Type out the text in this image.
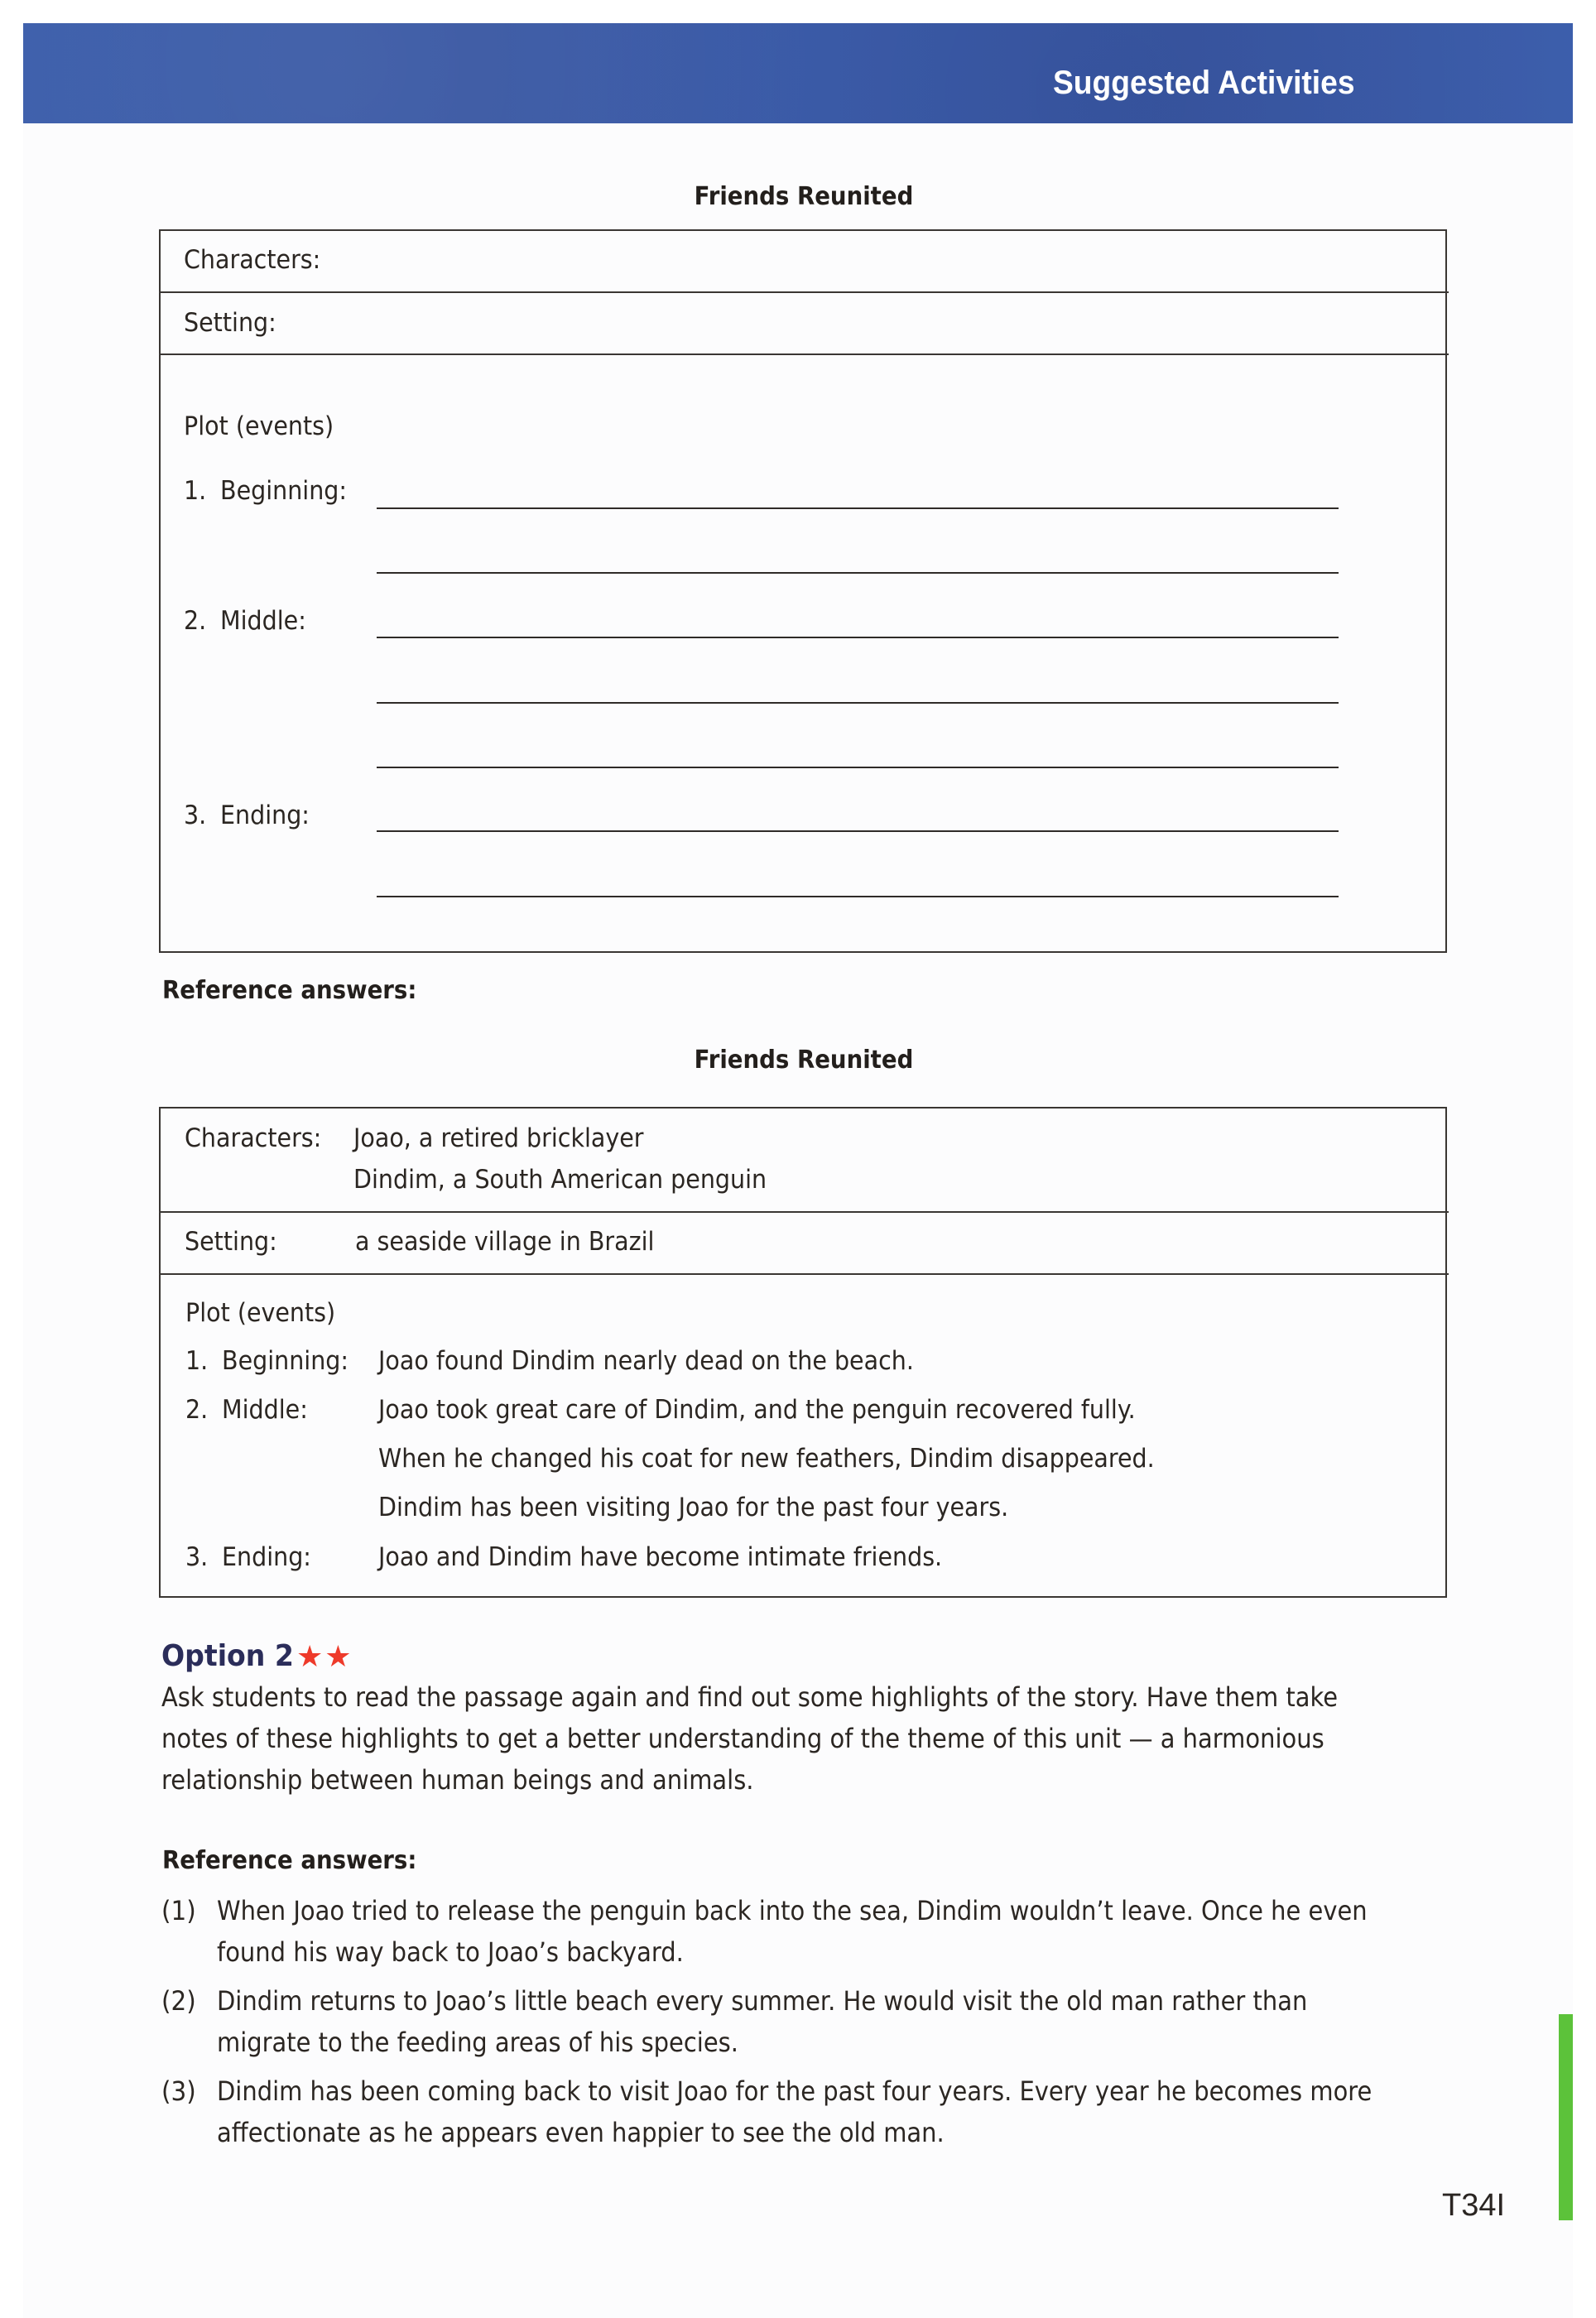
Suggested Activities
Friends Reunited
Characters:
Setting:
Plot (events)
1. Beginning:
2. Middle:
3. Ending:
Reference answers:
Friends Reunited
Characters: Joao, a retired bricklayer
Dindim, a South American penguin
Setting:	a seaside village in Brazil
Plot (events)
1. Beginning: Joao found Dindim nearly dead on the beach.
2. Middle:	Joao took great care of Dindim, and the penguin recovered fully.
When he changed his coat for new feathers, Dindim disappeared.
Dindim has been visiting Joao for the past four years.
3. Ending:	Joao and Dindim have become intimate friends.
Option 2 ★★
Ask students to read the passage again and find out some highlights of the story. Have them take
notes of these highlights to get a better understanding of the theme of this unit — a harmonious
relationship between human beings and animals.
Reference answers:
(1) When Joao tried to release the penguin back into the sea, Dindim wouldn’t leave. Once he even
found his way back to Joao’s backyard.
(2) Dindim returns to Joao’s little beach every summer. He would visit the old man rather than
migrate to the feeding areas of his species.
(3) Dindim has been coming back to visit Joao for the past four years. Every year he becomes more
affectionate as he appears even happier to see the old man.
T34I
